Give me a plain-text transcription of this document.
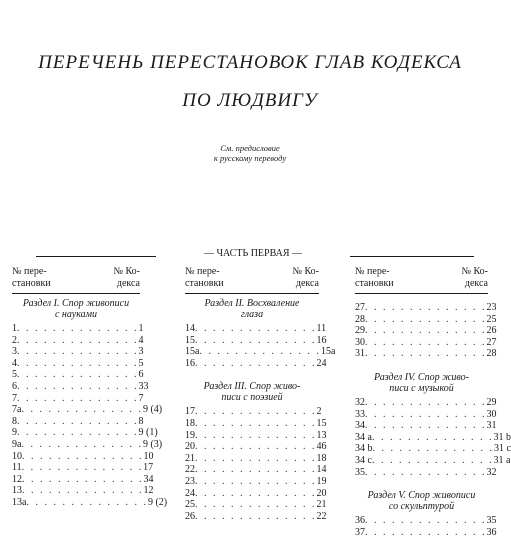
ПЕРЕЧЕНЬ ПЕРЕСТАНОВОК ГЛАВ КОДЕКСА
ПО ЛЮДВИГУ
См. предисловие
к русскому переводу
— ЧАСТЬ ПЕРВАЯ —
№ пере-
становки
№ Ко-
декса
Раздел I. Спор живописи
с науками
1 . . . . . . . . . . . . . . 1
2 . . . . . . . . . . . . . . 4
3 . . . . . . . . . . . . . . 3
4 . . . . . . . . . . . . . . 5
5 . . . . . . . . . . . . . . 6
6 . . . . . . . . . . . . . . 33
7 . . . . . . . . . . . . . . 7
7a . . . . . . . . . . . . . . 9 (4)
8 . . . . . . . . . . . . . . 8
9 . . . . . . . . . . . . . . 9 (1)
9a . . . . . . . . . . . . . . 9 (3)
10 . . . . . . . . . . . . . . 10
11 . . . . . . . . . . . . . . 17
12 . . . . . . . . . . . . . . 34
13 . . . . . . . . . . . . . . 12
13a . . . . . . . . . . . . . . 9 (2)
№ пере-
становки
№ Ко-
декса
Раздел II. Восхваление
глаза
14 . . . . . . . . . . . . . . 11
15 . . . . . . . . . . . . . . 16
15a . . . . . . . . . . . . . . 15a
16 . . . . . . . . . . . . . . 24
Раздел III. Спор живо-
писи с поэзией
17 . . . . . . . . . . . . . . 2
18 . . . . . . . . . . . . . . 15
19 . . . . . . . . . . . . . . 13
20 . . . . . . . . . . . . . . 46
21 . . . . . . . . . . . . . . 18
22 . . . . . . . . . . . . . . 14
23 . . . . . . . . . . . . . . 19
24 . . . . . . . . . . . . . . 20
25 . . . . . . . . . . . . . . 21
26 . . . . . . . . . . . . . . 22
№ пере-
становки
№ Ко-
декса
27 . . . . . . . . . . . . . . 23
28 . . . . . . . . . . . . . . 25
29 . . . . . . . . . . . . . . 26
30 . . . . . . . . . . . . . . 27
31 . . . . . . . . . . . . . . 28
Раздел IV. Спор живо-
писи с музыкой
32 . . . . . . . . . . . . . . 29
33 . . . . . . . . . . . . . . 30
34 . . . . . . . . . . . . . . 31
34 a . . . . . . . . . . . . . . 31 b
34 b . . . . . . . . . . . . . . 31 c
34 c . . . . . . . . . . . . . . 31 a
35 . . . . . . . . . . . . . . 32
Раздел V. Спор живописи
со скульптурой
36 . . . . . . . . . . . . . . 35
37 . . . . . . . . . . . . . . 36
